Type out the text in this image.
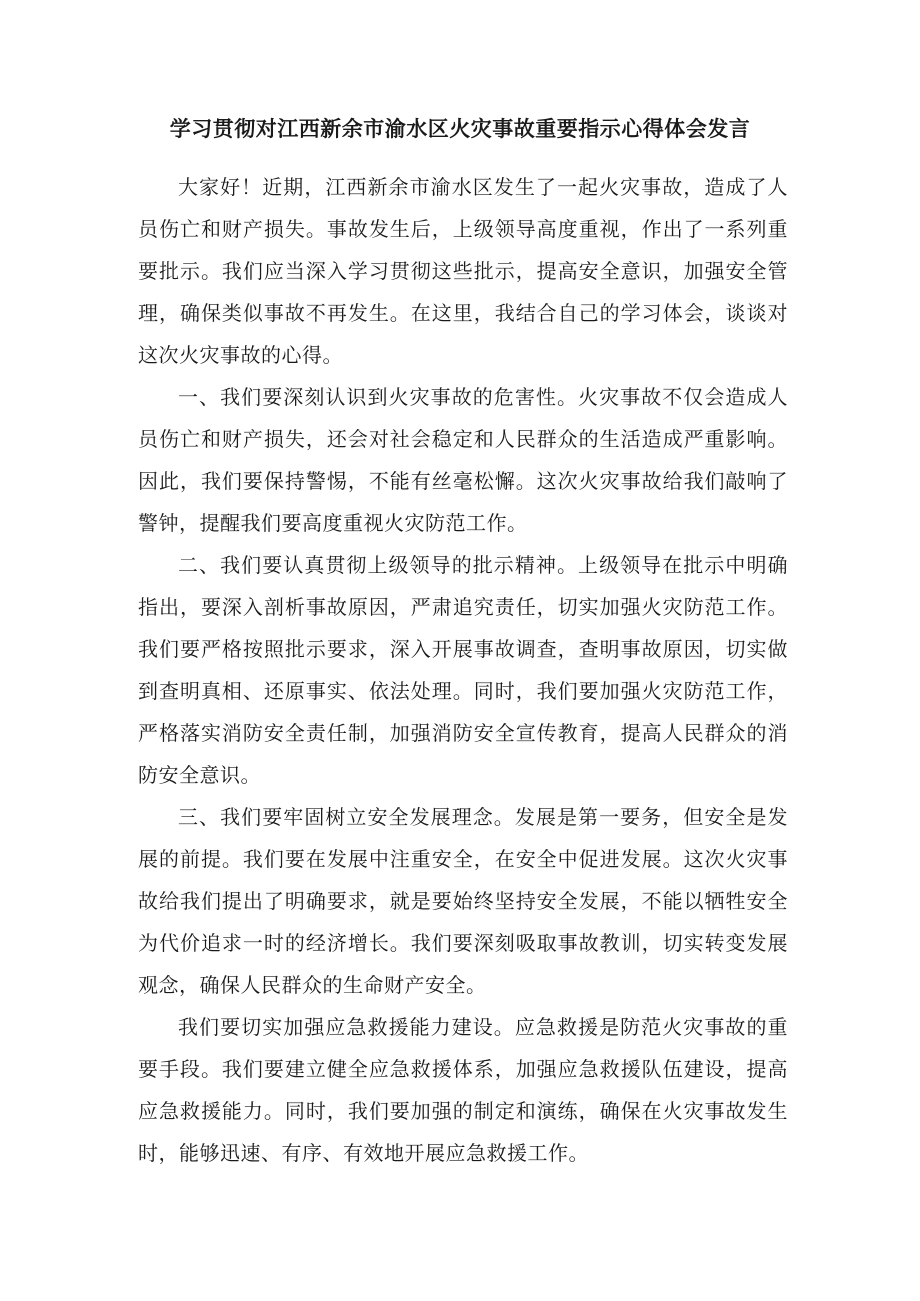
学习贯彻对江西新余市渝水区火灾事故重要指示心得体会发言

大家好！近期，江西新余市渝水区发生了一起火灾事故，造成了人员伤亡和财产损失。事故发生后，上级领导高度重视，作出了一系列重要批示。我们应当深入学习贯彻这些批示，提高安全意识，加强安全管理，确保类似事故不再发生。在这里，我结合自己的学习体会，谈谈对这次火灾事故的心得。

一、我们要深刻认识到火灾事故的危害性。火灾事故不仅会造成人员伤亡和财产损失，还会对社会稳定和人民群众的生活造成严重影响。因此，我们要保持警惕，不能有丝毫松懈。这次火灾事故给我们敲响了警钟，提醒我们要高度重视火灾防范工作。

二、我们要认真贯彻上级领导的批示精神。上级领导在批示中明确指出，要深入剖析事故原因，严肃追究责任，切实加强火灾防范工作。我们要严格按照批示要求，深入开展事故调查，查明事故原因，切实做到查明真相、还原事实、依法处理。同时，我们要加强火灾防范工作，严格落实消防安全责任制，加强消防安全宣传教育，提高人民群众的消防安全意识。

三、我们要牢固树立安全发展理念。发展是第一要务，但安全是发展的前提。我们要在发展中注重安全，在安全中促进发展。这次火灾事故给我们提出了明确要求，就是要始终坚持安全发展，不能以牺牲安全为代价追求一时的经济增长。我们要深刻吸取事故教训，切实转变发展观念，确保人民群众的生命财产安全。

我们要切实加强应急救援能力建设。应急救援是防范火灾事故的重要手段。我们要建立健全应急救援体系，加强应急救援队伍建设，提高应急救援能力。同时，我们要加强的制定和演练，确保在火灾事故发生时，能够迅速、有序、有效地开展应急救援工作。
